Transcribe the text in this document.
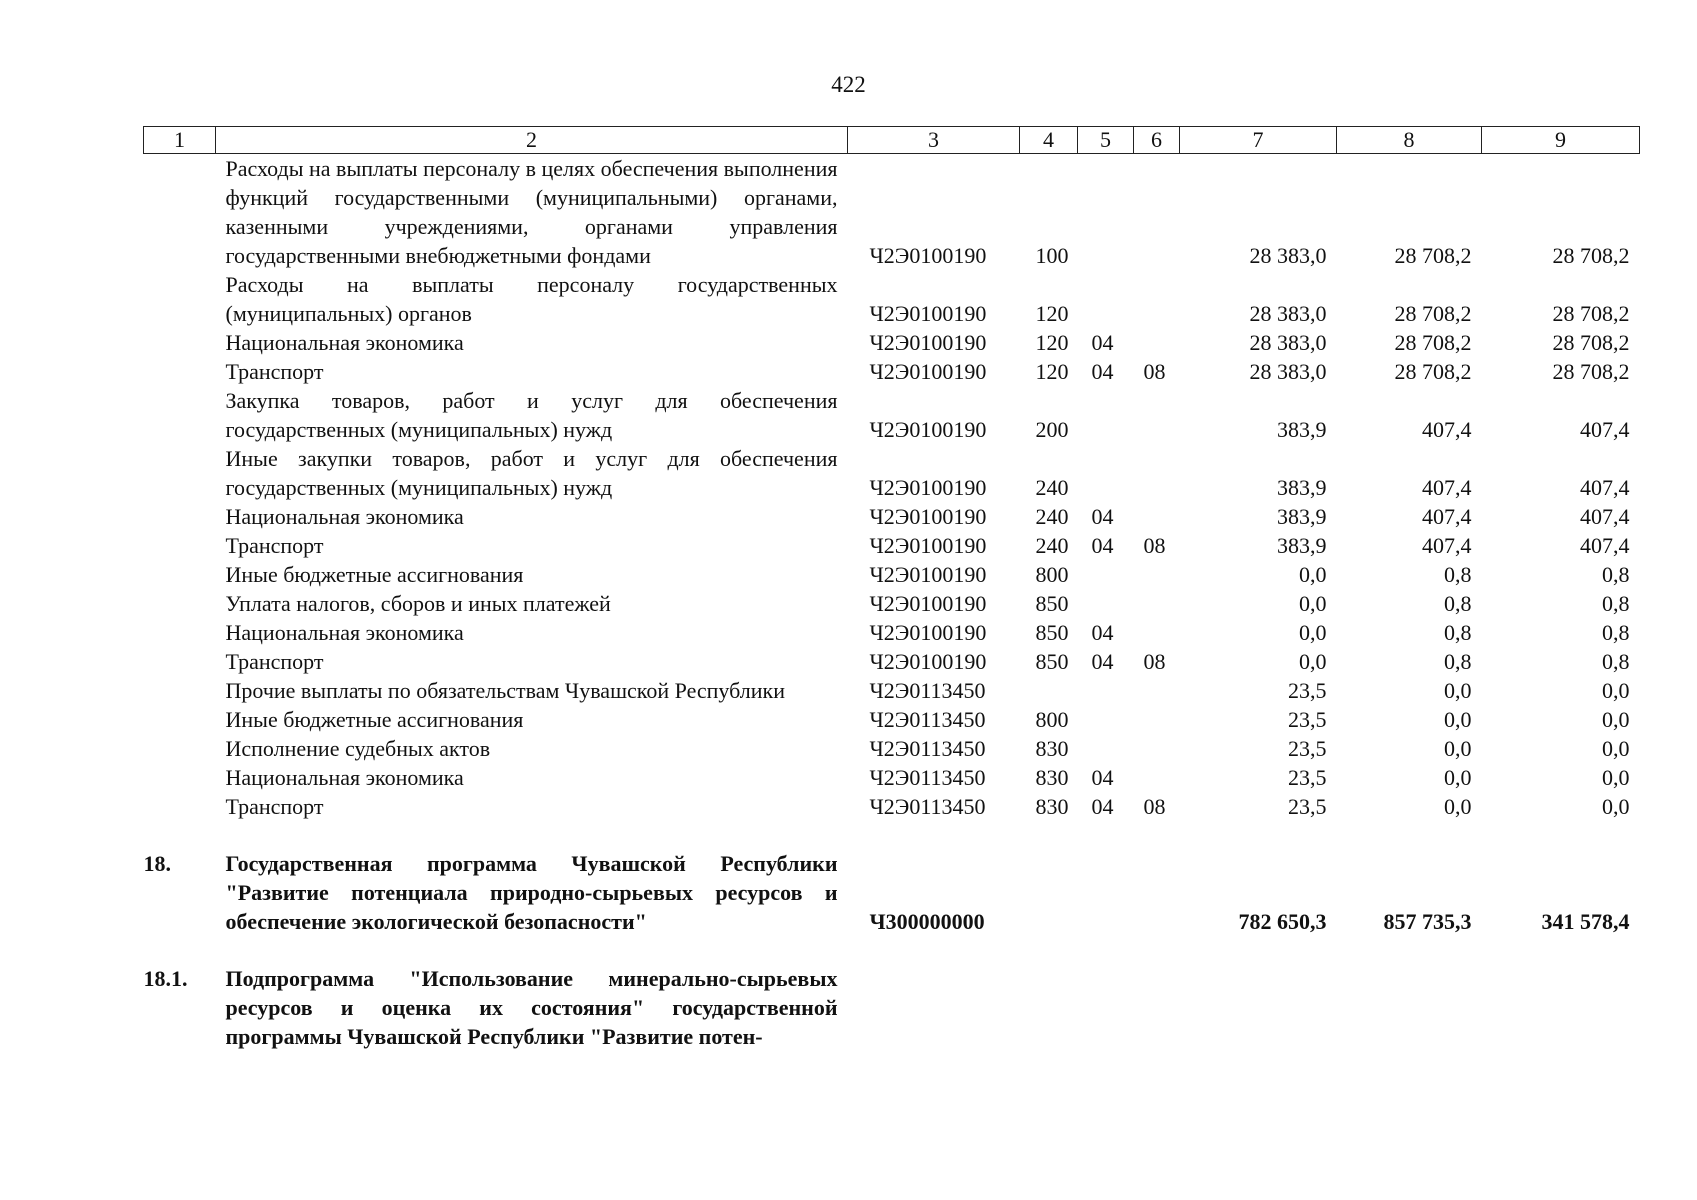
422
1	2	3	4	5	6	7	8	9
	Расходы на выплаты персоналу в целях обеспечения выполнения функций государственными (муниципальными) органами, казенными учреждениями, органами управления государственными внебюджетными фондами	Ч2Э0100190	100			28 383,0	28 708,2	28 708,2
	Расходы на выплаты персоналу государственных (муниципальных) органов	Ч2Э0100190	120			28 383,0	28 708,2	28 708,2
	Национальная экономика	Ч2Э0100190	120	04		28 383,0	28 708,2	28 708,2
	Транспорт	Ч2Э0100190	120	04	08	28 383,0	28 708,2	28 708,2
	Закупка товаров, работ и услуг для обеспечения государственных (муниципальных) нужд	Ч2Э0100190	200			383,9	407,4	407,4
	Иные закупки товаров, работ и услуг для обеспечения государственных (муниципальных) нужд	Ч2Э0100190	240			383,9	407,4	407,4
	Национальная экономика	Ч2Э0100190	240	04		383,9	407,4	407,4
	Транспорт	Ч2Э0100190	240	04	08	383,9	407,4	407,4
	Иные бюджетные ассигнования	Ч2Э0100190	800			0,0	0,8	0,8
	Уплата налогов, сборов и иных платежей	Ч2Э0100190	850			0,0	0,8	0,8
	Национальная экономика	Ч2Э0100190	850	04		0,0	0,8	0,8
	Транспорт	Ч2Э0100190	850	04	08	0,0	0,8	0,8
	Прочие выплаты по обязательствам Чувашской Республики	Ч2Э0113450				23,5	0,0	0,0
	Иные бюджетные ассигнования	Ч2Э0113450	800			23,5	0,0	0,0
	Исполнение судебных актов	Ч2Э0113450	830			23,5	0,0	0,0
	Национальная экономика	Ч2Э0113450	830	04		23,5	0,0	0,0
	Транспорт	Ч2Э0113450	830	04	08	23,5	0,0	0,0

18.	Государственная программа Чувашской Республики "Развитие потенциала природно-сырьевых ресурсов и обеспечение экологической безопасности"	Ч300000000				782 650,3	857 735,3	341 578,4

18.1.	Подпрограмма "Использование минерально-сырьевых ресурсов и оценка их состояния" государственной программы Чувашской Республики "Развитие потен-							
